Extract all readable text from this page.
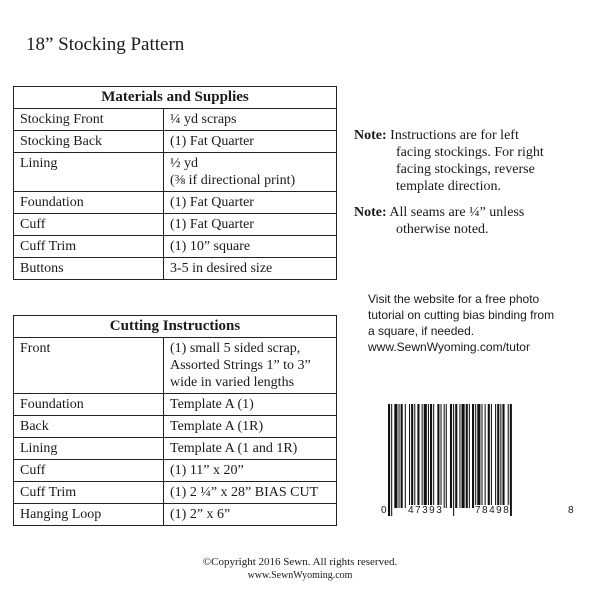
18” Stocking Pattern
Materials and Supplies	
Stocking Front	¼ yd scraps
Stocking Back	(1) Fat Quarter
Lining	½ yd
(⅜ if directional print)

Foundation	(1) Fat Quarter
Cuff	(1) Fat Quarter
Cuff Trim	(1) 10” square
Buttons	3-5 in desired size
Cutting Instructions	
Front	(1) small 5 sided scrap,
Assorted Strings 1” to 3”
wide in varied lengths

Foundation	Template A (1)
Back	Template A (1R)
Lining	Template A (1 and 1R)
Cuff	(1) 11” x 20”
Cuff Trim	(1) 2 ¼” x 28” BIAS CUT
Hanging Loop	(1) 2” x 6”
Note: Instructions are for left
facing stockings. For right
facing stockings, reverse
template direction.
Note: All seams are ¼” unless
otherwise noted.
Visit the website for a free photo
tutorial on cutting bias binding from
a square, if needed.
www.SewnWyoming.com/tutor
0 47393	78498	8
©Copyright 2016 Sewn. All rights reserved.
www.SewnWyoming.com
